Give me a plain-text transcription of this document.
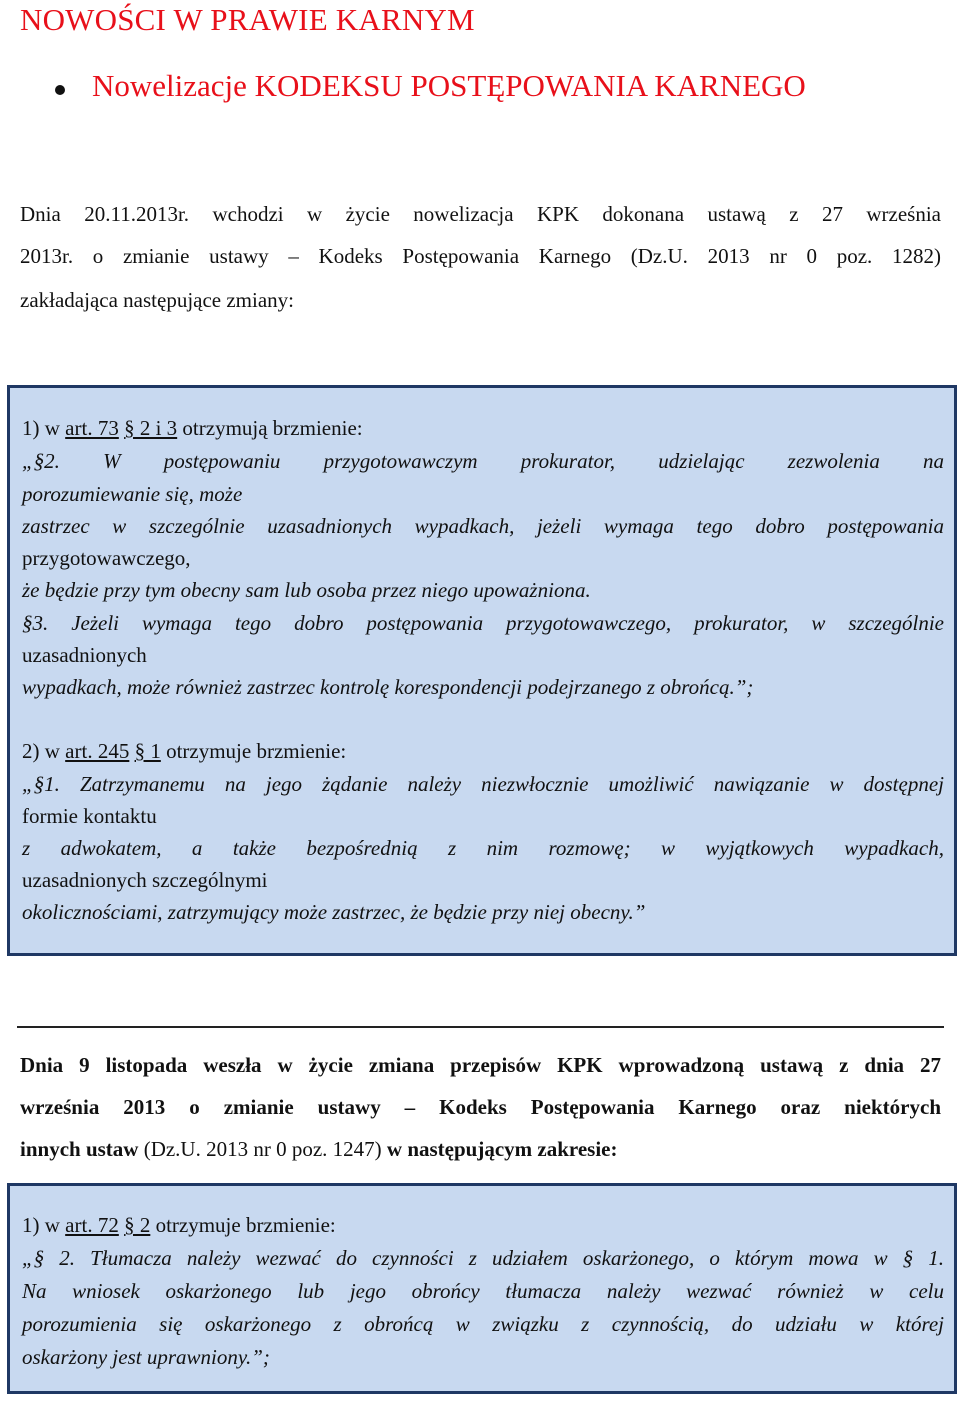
NOWOŚCI W PRAWIE KARNYM
Nowelizacje KODEKSU POSTĘPOWANIA KARNEGO
Dnia 20.11.2013r. wchodzi w życie nowelizacja KPK dokonana ustawą z 27 września
2013r. o zmianie ustawy – Kodeks Postępowania Karnego (Dz.U. 2013 nr 0 poz. 1282)
zakładająca następujące zmiany:
1) w art. 73 § 2 i 3 otrzymują brzmienie:
„§2. W postępowaniu przygotowawczym prokurator, udzielając zezwolenia na
porozumiewanie się, może
zastrzec w szczególnie uzasadnionych wypadkach, jeżeli wymaga tego dobro postępowania
przygotowawczego,
że będzie przy tym obecny sam lub osoba przez niego upoważniona.
§3. Jeżeli wymaga tego dobro postępowania przygotowawczego, prokurator, w szczególnie
uzasadnionych
wypadkach, może również zastrzec kontrolę korespondencji podejrzanego z obrońcą.”;
2) w art. 245 § 1 otrzymuje brzmienie:
„§1. Zatrzymanemu na jego żądanie należy niezwłocznie umożliwić nawiązanie w dostępnej
formie kontaktu
z adwokatem, a także bezpośrednią z nim rozmowę; w wyjątkowych wypadkach,
uzasadnionych szczególnymi
okolicznościami, zatrzymujący może zastrzec, że będzie przy niej obecny.”
Dnia 9 listopada weszła w życie zmiana przepisów KPK wprowadzoną ustawą z dnia 27
września 2013 o zmianie ustawy – Kodeks Postępowania Karnego oraz niektórych
innych ustaw (Dz.U. 2013 nr 0 poz. 1247) w następującym zakresie:
1) w art. 72 § 2 otrzymuje brzmienie:
„§ 2. Tłumacza należy wezwać do czynności z udziałem oskarżonego, o którym mowa w § 1.
Na wniosek oskarżonego lub jego obrońcy tłumacza należy wezwać również w celu
porozumienia się oskarżonego z obrońcą w związku z czynnością, do udziału w której
oskarżony jest uprawniony.”;
